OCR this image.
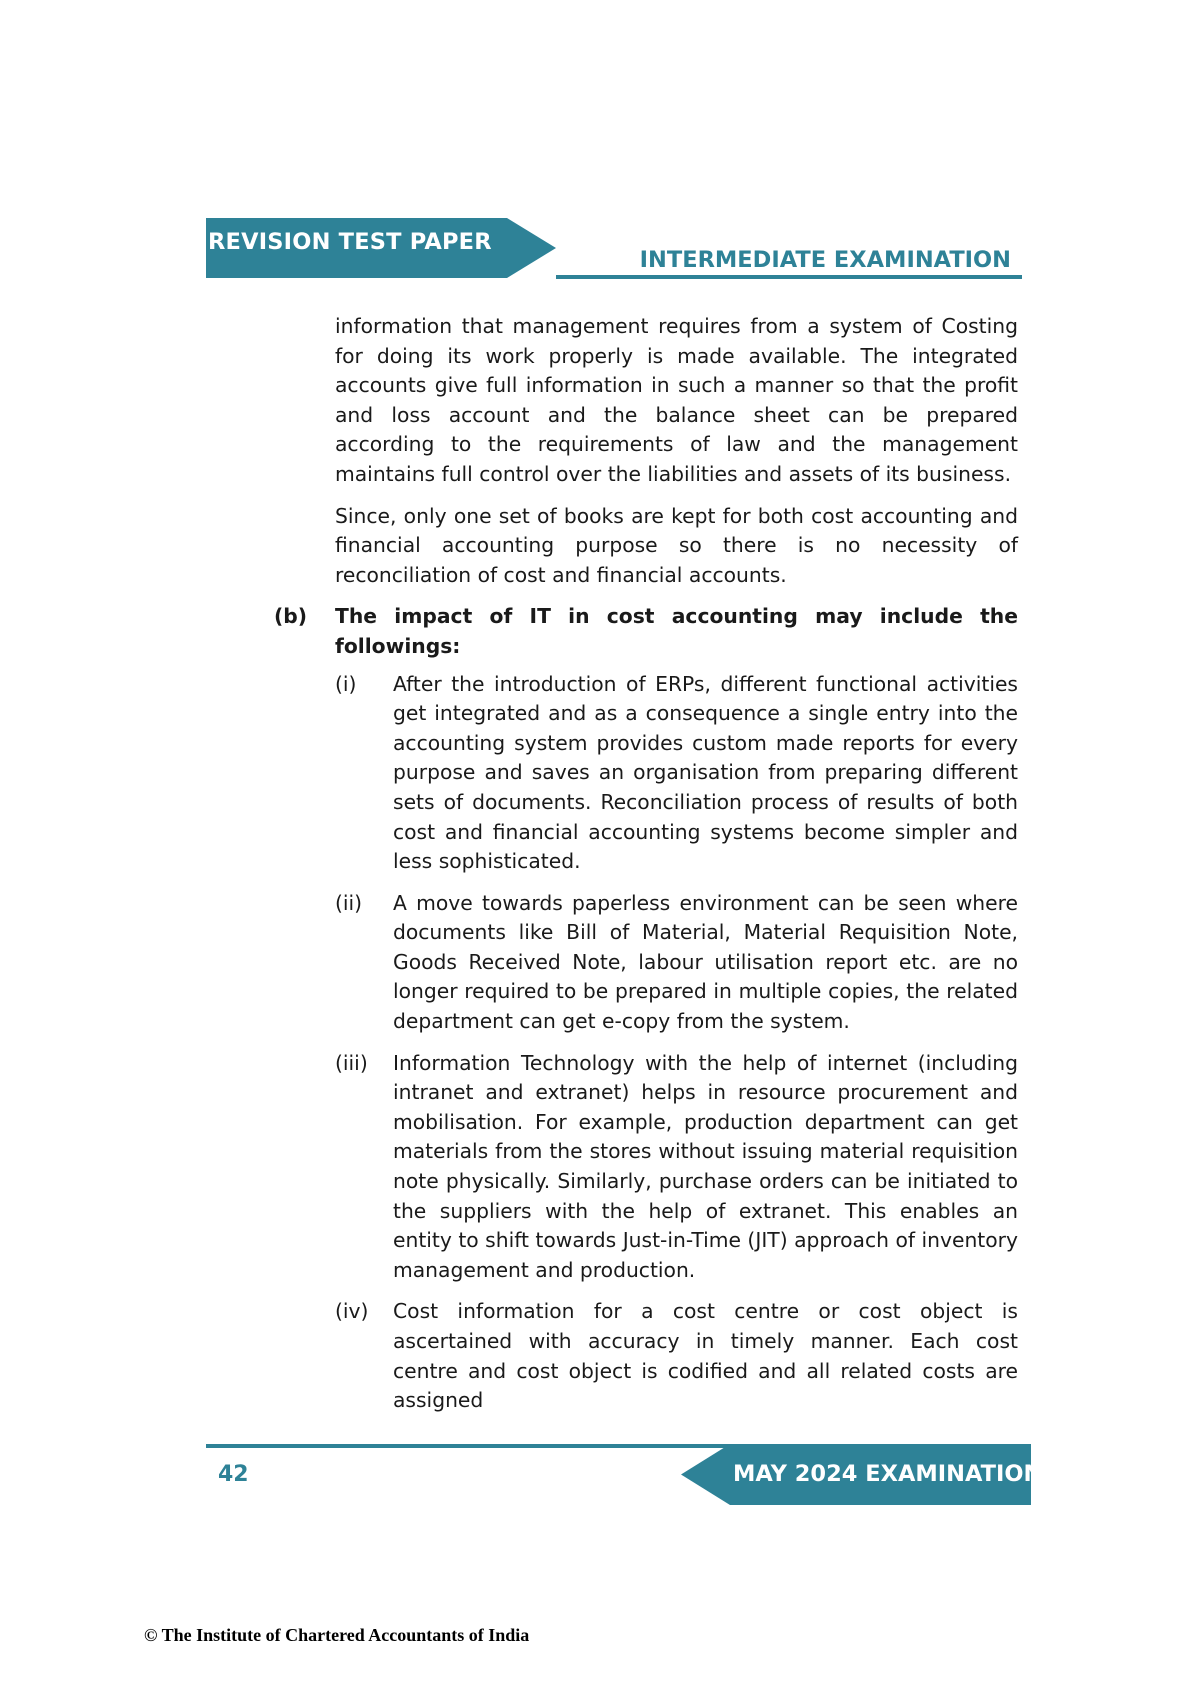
REVISION TEST PAPER
INTERMEDIATE EXAMINATION

information that management requires from a system of Costing for doing its work properly is made available. The integrated accounts give full information in such a manner so that the profit and loss account and the balance sheet can be prepared according to the requirements of law and the management maintains full control over the liabilities and assets of its business.

Since, only one set of books are kept for both cost accounting and financial accounting purpose so there is no necessity of reconciliation of cost and financial accounts.

(b)	The impact of IT in cost accounting may include the followings:

(i)	After the introduction of ERPs, different functional activities get integrated and as a consequence a single entry into the accounting system provides custom made reports for every purpose and saves an organisation from preparing different sets of documents. Reconciliation process of results of both cost and financial accounting systems become simpler and less sophisticated.
(ii)	A move towards paperless environment can be seen where documents like Bill of Material, Material Requisition Note, Goods Received Note, labour utilisation report etc. are no longer required to be prepared in multiple copies, the related department can get e-copy from the system.
(iii)	Information Technology with the help of internet (including intranet and extranet) helps in resource procurement and mobilisation. For example, production department can get materials from the stores without issuing material requisition note physically. Similarly, purchase orders can be initiated to the suppliers with the help of extranet. This enables an entity to shift towards Just-in-Time (JIT) approach of inventory management and production.
(iv)	Cost information for a cost centre or cost object is ascertained with accuracy in timely manner. Each cost centre and cost object is codified and all related costs are assigned
MAY 2024 EXAMINATION
42
© The Institute of Chartered Accountants of India
